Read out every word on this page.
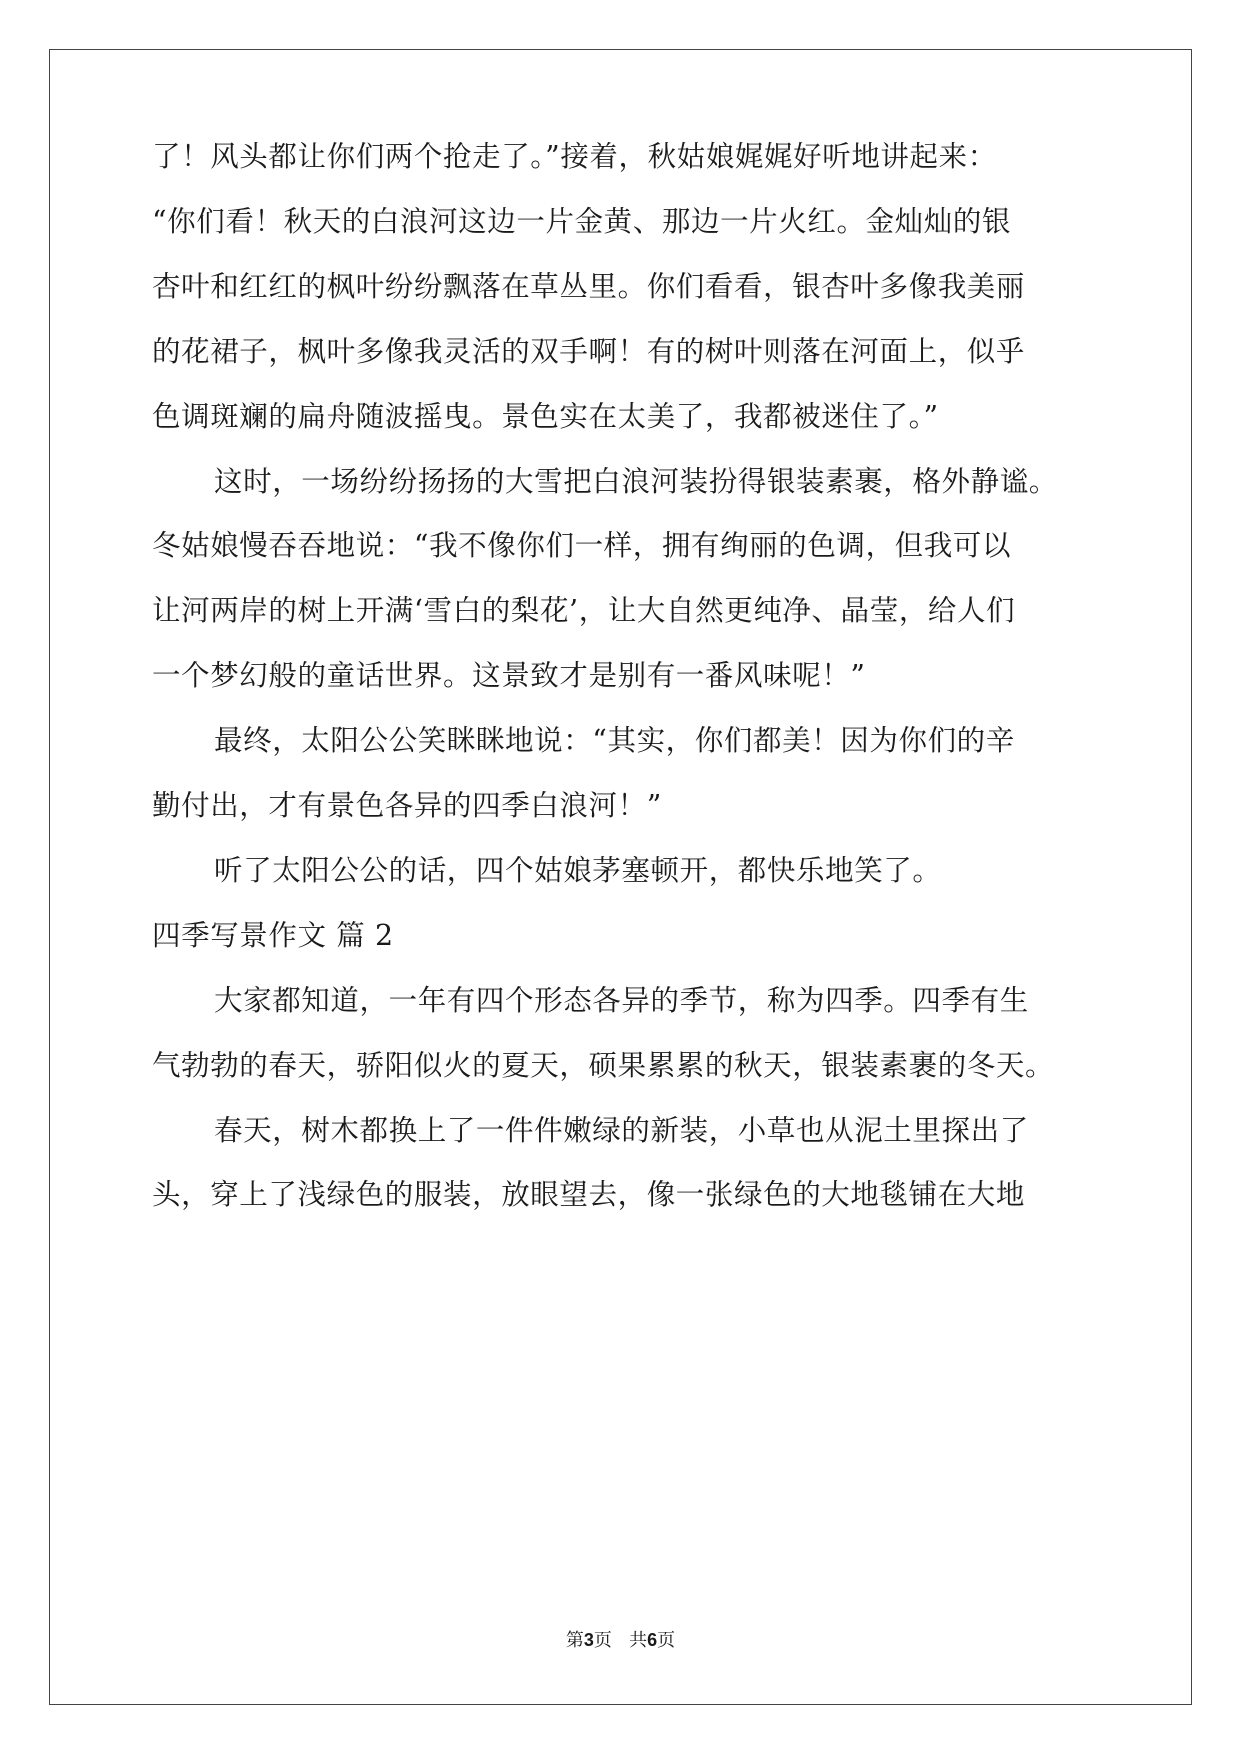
了！风头都让你们两个抢走了。”接着，秋姑娘娓娓好听地讲起来：
“你们看！秋天的白浪河这边一片金黄、那边一片火红。金灿灿的银
杏叶和红红的枫叶纷纷飘落在草丛里。你们看看，银杏叶多像我美丽
的花裙子，枫叶多像我灵活的双手啊！有的树叶则落在河面上，似乎
色调斑斓的扁舟随波摇曳。景色实在太美了，我都被迷住了。”
这时，一场纷纷扬扬的大雪把白浪河装扮得银装素裹，格外静谧。
冬姑娘慢吞吞地说：“我不像你们一样，拥有绚丽的色调，但我可以
让河两岸的树上开满‘雪白的梨花’，让大自然更纯净、晶莹，给人们
一个梦幻般的童话世界。这景致才是别有一番风味呢！”
最终，太阳公公笑眯眯地说：“其实，你们都美！因为你们的辛
勤付出，才有景色各异的四季白浪河！”
听了太阳公公的话，四个姑娘茅塞顿开，都快乐地笑了。
四季写景作文 篇 2
大家都知道，一年有四个形态各异的季节，称为四季。四季有生
气勃勃的春天，骄阳似火的夏天，硕果累累的秋天，银装素裹的冬天。
春天，树木都换上了一件件嫩绿的新装，小草也从泥土里探出了
头，穿上了浅绿色的服装，放眼望去，像一张绿色的大地毯铺在大地
第3页   共6页
